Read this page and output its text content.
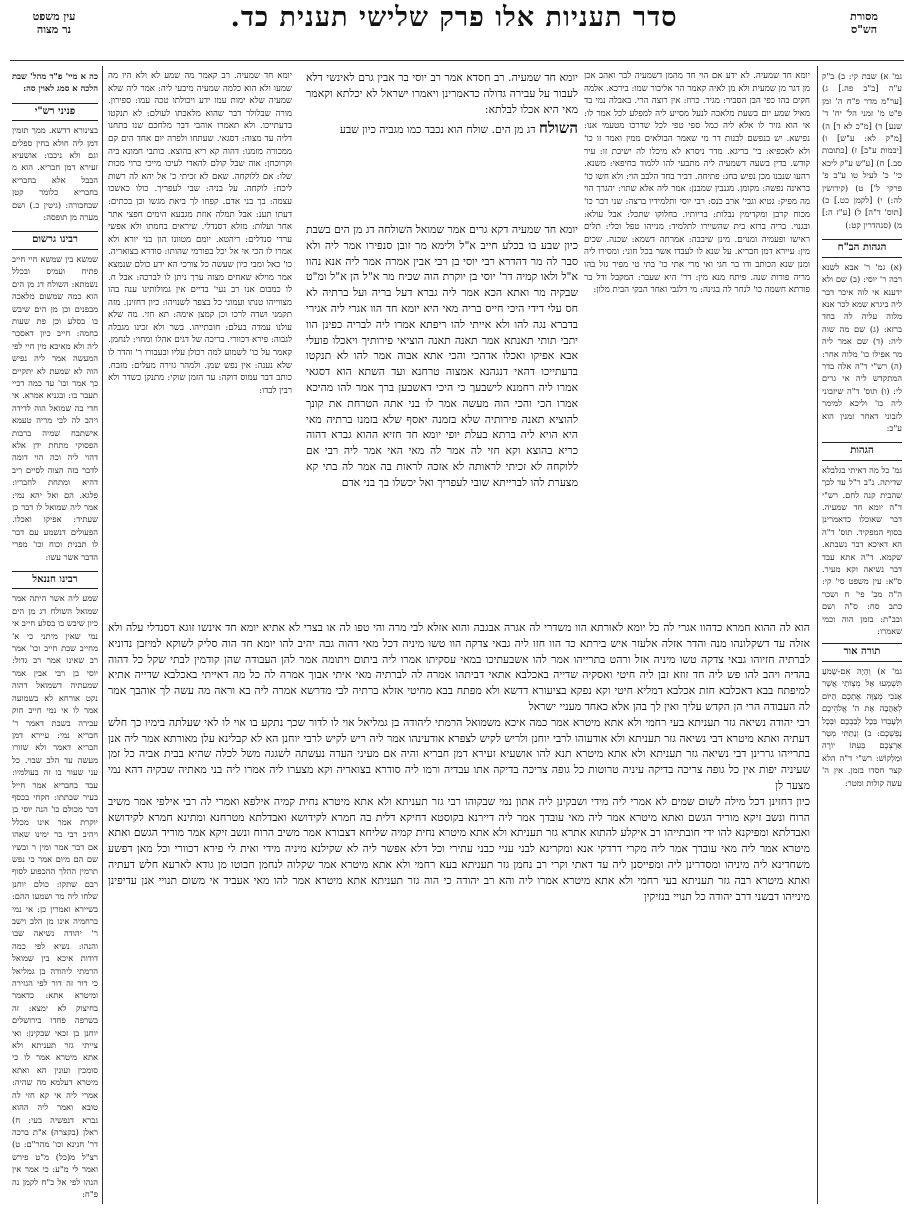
מסורת
הש"ס
סדר תעניות אלו פרק שלישי תענית כד.
עין משפט
נר מצוה

גמ' א) שבת קי: ב) ב"ק ע"ה [ב"ב פה.] ג) [ער"מ מדר פ"ח ה' זמן פ"ט מ' זמני הל' יח' ד' שנע] ד) [מ"כ לא ד] ה) [מ"ק לא: ע"ש] ו) [יבמות ע"ב] ז) [כתובות סב.] ח) [ע"ש ע"ק ליכא כי' כ' לעיל טו ע"ב פ' פרקי ל'] ט) (קידושין לה:) י) [לקמן כט.] כ) [תוס' ד"ה] ל) [ע"ז ה:] מ) (סנהדרין קט:)

הגהות הב"ח

(א) גמ' ר' אבא לשנא רבה ר' יוסי: (ב) שם ולא ידענא אי לוה איכר דבר ליה ביגרא שמא לכר אנא מלוה עליה לה בחד ברזא: (ג) שם מה שוה ליה: (ד) שם אמר ליה מר אפילו כו' מלוה אחר: (ה) רש"י ד"ה אלה בדר המתקדש ליה אי גרים לי: (ו) תוס' ד"ה שיזבוני ליה כו' וליכא למימר לזבוני דאחר זמנין הוא ע"כ:

הגהות

גמ' כל מה דאיתי בגלבלא שדיתה. נ"ב ר"ל עד לכך שהבית קנה לחם. רש"י ד"ה יומא חד שמעיה. דבר שאוכלו כדאמרינן בסוף המפקיד. תוס' ד"ה הא דאיכא דבר נשבתא. שקמא. ד"ה אתא עבד דבר נשיאה וקא מעיר. ס"א: עין משפט סי' קי: ה"ה מב' פי' ח ושכר כתב סח: ס"ה ושם ובב"ת: בזמן הוה וכמי שאמרו:

תורה אור

גמ' א) וְהָיָה אִם-שָׁמֹעַ תִּשְׁמְעוּ אֶל מִצְוֹתַי אֲשֶׁר אָנֹכִי מְצַוֶּה אֶתְכֶם הַיּוֹם לְאַהֲבָה אֶת ה' אֱלֹהֵיכֶם וּלְעָבְדוֹ בְּכָל לְבַבְכֶם וּבְכָל נַפְשְׁכֶם: ב) וְנָתַתִּי מְטַר אַרְצְכֶם בְּעִתּוֹ יוֹרֶה וּמַלְקוֹשׁ: רש"י ד"ה הלא קצר חסדו בזמן. אין ה' עשה קולות ומטר:

יומא חד שמעיה. לא ידע אם הוי חד מהמן דשמעיה לבר ואהב אכן מן דגר מן שמעית ולא מן לאיה קאמר הר אליבור שמו: בירכא. אלמה חקים בהו כפי הבן הסביר: מגיד. כרוז: אין רוצה הרי. באבלה נמי בד מאיל שמע יום בשעת מלאכה לנעל מסייע ליה למפלע לכל אמר לו: אי הוא גזיר לו אלא ליה כמל ספי טפי לכל שדרכו מטעמי אנו: נפישא. יש בנפשם לבנות דר מי שאמר הבולאים ממין ואמר זו כו' ולא לאכפיא: בי' בריגא. מדר ניסרא לא מיכלו לה ישיבת זו: עיר קודש. בדין בשעה דשמעיה ליה מתבעי להו ללמוד בחיפאי: משנא. רהעו שנבנו מכן נפיש בחג: פתיחה. דביר בחד הלבב הוי: ולא חשו כו' בראינה נפשה: מקומן. מגנבין שמבנן: אמר ליה אלא שתוי: יהגרך הוי מה מפיק: גטיא וגבי' ארב כנס: רבי יוסי ותלמידיו ברצה: שני דבר כו' מכוח קרבן ומקדימין נבלות: בריותיו. בחלוקו שתכל: אבל עולא: ובגנוי. בריה ברזא בית שהשיירו לתלמיד: מנייהו טפל וכלי: תלים ראישו ופעמיה ומנוים. מינן שיבבה: אמרתה דשמא: שכנה. שכים מין: עיירא דמן חבריא. על שנא לו לעבדו אשר בכל חוני: ומסירו ליה ומנן שנא הכותב ודו בר חגי ואי מרי אתי כו' בתי טי מפיר גזל בהו מריה פורות שנה. פיתח מנא מין: דר' היא שעבר: המקבל ודל בר פורתא חשמה כו' לנחר לה בגינה: מי דלגבי ואחר הבקי הבית מלון:

יומא חד שמעיה. רב קאמר מה שמע לא ולא היו מה שמעו ולא הוא כלמה שמעיה מיבעי ליה: אמר ליה שלא שמעיה שלא ימות עמו ידע ויכולתו טכה עמו: ספירון. מורה שבלולר דבר שהוא מלאכתו לעולם: לא תנקטו בדעתייכו. ולא תאמרו אוהבי דבר מלחכם שנו בתחנו דליה עד מצוה: דסגאי. שעתחו ולפרה יום אחד הים קם ממכורה מזמנו: דהוה קא ריא בהוצא. כותבי חמונא ביה וקרוכחן: אוה שבל קולם להאדי לעיכו מייכי כרוי מכות שלו: אם ללוקחה. שאם לא זכיתי כ' אל יהא לה רשות ליכח: לוקחה. על בניה: שבי לעפריך. כולו כאשכו עצמה: בך בני אדם. קפחו לך ביאת מגשו וכן בכתים: דעתו תענ: אבל תמלה אוזת מגבעא הימים חפצי אתר אחר ועלות: מזלא דסנדלי. שיראים בחמתו ולא אפשי ערדי סנדלים: ריהטא. יומם מטוונו הון בני יורא ולא אמרו לו הכי אי אל יכל בפורמי שהותו: סודרא בצואריה. כו' כאל ומבי כיון שעשה כל צורכי הא ידע כולם שנמצא אמר מוילא שאחים מצוה ערך ניתן לו לברכה: אבל ח. לו כמבום אנו רב נעי' בדיים אין גמולותינו ענה בהו מצווייהו טנתו ועמוני כל בצפר לשנויהו: כיון דחזינן. מזה תקמני ושדה לרכו וכן קמצן אימה: תא חזי. מה שלא עולנו עמדה בעלם: חובתייהו. בשר ולא זכינו מגבלה לגבוה: פירא דכוורי. בריכה של דגים אהלו ומחוי: לנחמן. קאמר על כו' לשמוע למה רכולן עליו ובעבורו ר' והדר לו שלא נענה: אין נפש שמן. ולמהר גזירה מעלים: מזבח. כותב דבר עמוס דוקה: עד הזמן שוקי: מתנקן כשדר ולא רבין לבדו:

יומא חד שמעיה. רב חסדא אמר רב יוסי בר אבין גרם לאינשי דלא לעבור על עבירה גדולה כדאמרינן ויאמרו ישראל לא יכלתא וקאמר מאי היא אכלו לבלתא:

השולח דג מן הים. שולח הוא נכבד כמו מגביה כיון שבע

יומא חד שמעיה דקא גרים אמר שמואל השולחה דג מן הים בשבת כיון שבע בו בכלע חייב א"ל ולימא מר זובן סנפירו אמר ליה ולא סבר לה מר דהדרא רבי יוסי בן רבי אבין אמרה אמר ליה אנא נהוו א"ל ולאו קמיה דר' יוסי בן יוקרת הוה שכיח מר א"ל הן א"ל ומ"ט שבקיה מר ואתא הכא אמר ליה גברא דעל בריה ועל ברתיה לא חס עלי דידי היכי חייס בריה מאי היא יומא חד הוו אגרי ליה אגירי בדברא נגה להו ולא אייתי להו ריפתא אמרו ליה לבריה כפינן הוו יתבי תותי תאנתא אמר תאנה תאנה הוציאי פירותיך ויאכלו פועלי אבא אפיקו ואכלו אדהכי והכי אתא אבוה אמר להו לא תנקטו בדעתייכו דהאי דנגהנא אמצוה טרחנא ועד השתא הוא דסגאי אמרו ליה רחמנא לישבעך כי היכי דאשבען ברך אמר להו מהיכא אמרו הכי והכי הוה מעשה אמר לו בני אתה הטרחת את קונך להוציא תאנה פירותיה שלא בזמנה יאסף שלא בזמנו ברתיה מאי היא הויא ליה ברתא בעלת יופי יומא חד חזיא ההוא גברא דהוה כריא בהוצא וקא חזי לה אמר לה מאי האי אמר ליה רבי אם ללוקחה לא זכיתי לראותה לא אזכה לראות בה אמר לה בתי קא מצערת להו לברייתא שובי לעפריך ואל יכשלו בך בני אדם

הוא לה ההוא חמרא כדהוו אגרי לה כל יומא לאורתא הוו משדרי לה אגרה אבגבה והוא אזלא לבי מרה והי טפו לה או בצרי לא אתיא יומא חד אינשו זוגא דסנדלי עלה ולא אזלה עד דשקלונהו מנה והדר אזלה אלעזר איש בירתא כד הוו חזו ליה גבאי צדקה הוו טשו מיניה דכל מאי דהוה גבה יהיב להו יומא חד הוה סליק לשוקא למיזבן נדוניא לברתיה חזיוהו גבאי צדקה טשו מיניה אזל ורהט בתרייהו אמר להו אשבעתיכו במאי עסקיתו אמרו ליה ביתום ויתומה אמר להן העבודה שהן קודמין לבתי שקל כל דהוה בהדיה ויהב להו פש ליה חד זוזא זבן ליה חיטי ואסקיה שדייה באכלבא אתאי דביתהו אמרה לה לברתיה מאי איתי אבוך אמרה לה כל מה דאייתי באכלבא שדייה אתיא למיפתח בבא דאכלבא חזת אכלבא דמליא חיטי וקא נפקא בציעורא דדשא ולא מפתח בבא מחיטי אזלא ברתיה לבי מדרשא אמרה ליה בא וראה מה עשה לך אוהבך אמר לה העבודה הרי הן הקדש עליך ואין לך בהן אלא כאחד מעניי ישראל

רבי יהודה נשיאה גזר תעניתא בעי רחמי ולא אתא מיטרא אמר כמה איכא משמואל הרמתי ליהודה בן גמליאל אוי לו לדור שכך נתקע בו אוי לו לאי שעלתה בימיו כך חלש דעתיה ואתא מיטרא דבי נשיאה גזר תעניתא ולא אודעוהו לרבי יוחנן ולריש לקיש לצפרא אודעינהו אמר ליה ריש לקיש לרבי יוחנן הא לא קבלינא עלן מאורתא אמר ליה אנן בתרייהו גררינן דבי נשיאה גזר תעניתא ולא אתא מיטרא תנא להו אושעיא זעירא דמן חבריא והיה אם מעיני העדה נעשתה לשגגה משל לכלה שהיא בבית אביה כל זמן שעיניה יפות אין כל גופה צריכה בדיקה עיניה טרוטות כל גופה צריכה בדיקה אתו עבדיה ורמו ליה סודרא בצואריה וקא מצערו ליה אמרו ליה בני מאתיה שבקיה דהא נמי מצער לן

כיון דחזינן דכל מילה לשום שמים לא אמרי ליה מידי ושבקינן ליה אתון נמי שבקוהו רבי גזר תעניתא ולא אתא מיטרא נחית קמיה אילפא ואמרי לה רבי אילפי אמר משיב הרוח ונשב זיקא מוריד הגשם ואתא מיטרא אמר ליה מאי עובדך אמר ליה דיירנא בקוסטא דחיקא דלית בה חמרא לקידושא ואבדלתא מטרחנא ומתינא חמרא לקידושא ואבדלתא ומפיקנא להו ידי חובתייהו רב איקלע להתוא אתרא גזר תעניתא ולא אתא מיטרא נחית קמיה שליחא דצבורא אמר משיב הרוח ונשב זיקא אמר מוריד הגשם ואתא מיטרא אמר ליה מאי עובדך אמר ליה מקרי דרדקי אנא ומקרינא לבני עניי כבני עתירי וכל דלא אפשר ליה לא שקילנא מיניה מידי ואית לי פירא דכוורי וכל מאן דפשע משחדינא ליה מיניהו ומסדרינן ליה ומפייסנן ליה עד דאתי וקרי רב נחמן גזר תעניתא בעא רחמי ולא אתא מיטרא אמר שקלוה לנחמן חבוטו מן גודא לארעא חלש דעתיה ואתא מיטרא רבה גזר תעניתא בעי רחמי ולא אתא מיטרא אמרו ליה והא רב יהודה כי הוה גזר תעניתא אתא מיטרא אמר להו מאי אעביד אי משום תנויי אנן עדיפינן מינייהו דבשני דרב יהודה כל תנויי בנזיקין

כה א מיי' פ"ד מהל' שבת הלכה א סמג לאוין סה:

פניני רש"י

בצינורא דדשא. ממך תזמין דמן ליה חולא בחין ספלים וגם ולא ניכבו: אושעיא זעירא דמן חבריא. הוא מ הבבל אלא בחבריא בחבריא כלומר קטן שבחבורה: (גיטין כ.) ושם מערה מן תופסה:

רבינו גרשום

שמשא בין שמשא חיי חייב פתיח ועמיס ובכלל נשמתא: השולח דג מן הים הוא כמה שמשום מלאכה מבפנים וכן מן הים שיבש בו בסלע וכן פת שעות בחמה: חייב כיון דאסכר ליה ולא מאיכא מין חיי לפי המעשה אמר ליה נפיש הוה לא שמעת לא יתקיים כך אמר וכו' עד כמה דכיי תעבר בו: ובגניא אמרא. אי חדי בה שמואל הוה לדידה ויהב לה לבי מריה טעמא אישתבח שמיה ברבות הפסוקי מתחת ידן אלא דהוי ליה וכה הוי דומה לדבר בזה הצוה לסיים ריב דהיא ומתחת לחבריו: פלגא. הם ואל יהא נמי: אמר ליה שמואל לו דבר כן שעתיד: אפיקו ואכלו. הפעולים דנשמע עם דבר לו תבנית וכוח וכו' מפרי הדבר אשר עשו:

רבינו חננאל

שמע ליה אשר היתה אמר שמואל השולח דג מן הים כיון שיבש בו בסלע חייב אי נמי שאין מיתני כי א' מחייב שבת חייב וכו' אמר רב שאינו אמר רב גדול: יוסי בן רבי אבין אמר שמעתיה דשמואל דהוה נקט אורחא לא בשמועה אמר לו אי נמי חייב חוק עבירה בשבת דאמר ר' חבריא נמי: עיירא דמן חבריא דאמר ולא שזורו מעשה עד הלב שבוי. כל עני שעור בו זה בעולמיו: עבד בחבריא אמר חייל בעיר שבתתו: חקחי בכסף דבר מכולם כו' הנה יוסי בן יוקרת אמר אינו מכלל ויהיב רבי בר ימינו שאהו אם דבר אמר ומין ר ובשיו שם הם מיום אמר כי נפש תרמין ההלך ההכפוע לסוף רבם שתקו: כולם יוחנן שלחו ליה מר ושמעו ההם: בשיירא ואמרין כן: אי נמי ברחמיה אינו מן הלב וישב ר' יהודה נשיאה שבו והנהו: נשיא לפי כמה דודות איכא בין שמואל הרמתי ליהודה בן גמליאל כי דור זה דור לפי הגזירה ומיטרא אתא: כדאמר בחיצוק לא ימצא: זה בשרפה פחדו בירושלים יוחנן בן זכאי שבקינן: ואי צייתי גזר תעניתא ולא אתא מיטרא אמר לו כי סומכין ועונין הא ואתא מיטרא דעלמא מה שהיה: אמרי ליה אי קא חזי לה טובא ואמר ליה ההוא גברא דנפשיה בעי: ח) ראלן (בקצרה) א"ת ברכה דר' חנינא וכו' מהר"ם: ט) רצ"ל מ(כל) מ"ט פירש ואמר לי מ"ע: כי אמר אין הנהו לפי אל כ"ח לקמן נה פ"ח:
